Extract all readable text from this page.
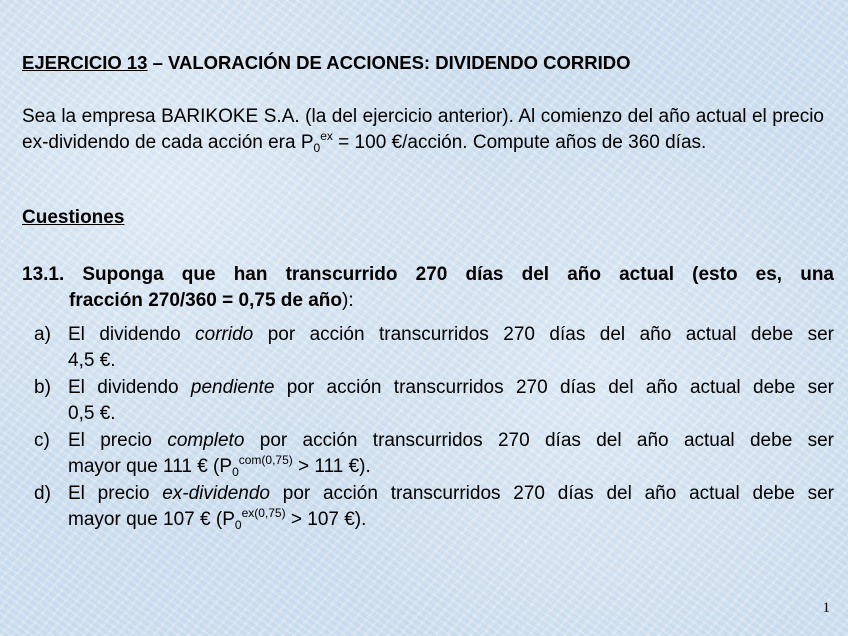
EJERCICIO 13 – VALORACIÓN DE ACCIONES: DIVIDENDO CORRIDO
Sea la empresa BARIKOKE S.A. (la del ejercicio anterior). Al comienzo del año actual el precio ex-dividendo de cada acción era $P_0^{ex} = 100$ €/acción. Compute años de 360 días.
Cuestiones
13.1. Suponga que han transcurrido 270 días del año actual (esto es, una
fracción 270/360 = 0,75 de año):
a) El dividendo corrido por acción transcurridos 270 días del año actual debe ser
4,5 €.
b) El dividendo pendiente por acción transcurridos 270 días del año actual debe ser
0,5 €.
c) El precio completo por acción transcurridos 270 días del año actual debe ser
mayor que 111 € ($P_0^{com(0,75)} > 111$ €).
d) El precio ex-dividendo por acción transcurridos 270 días del año actual debe ser
mayor que 107 € ($P_0^{ex(0,75)} > 107$ €).
1
